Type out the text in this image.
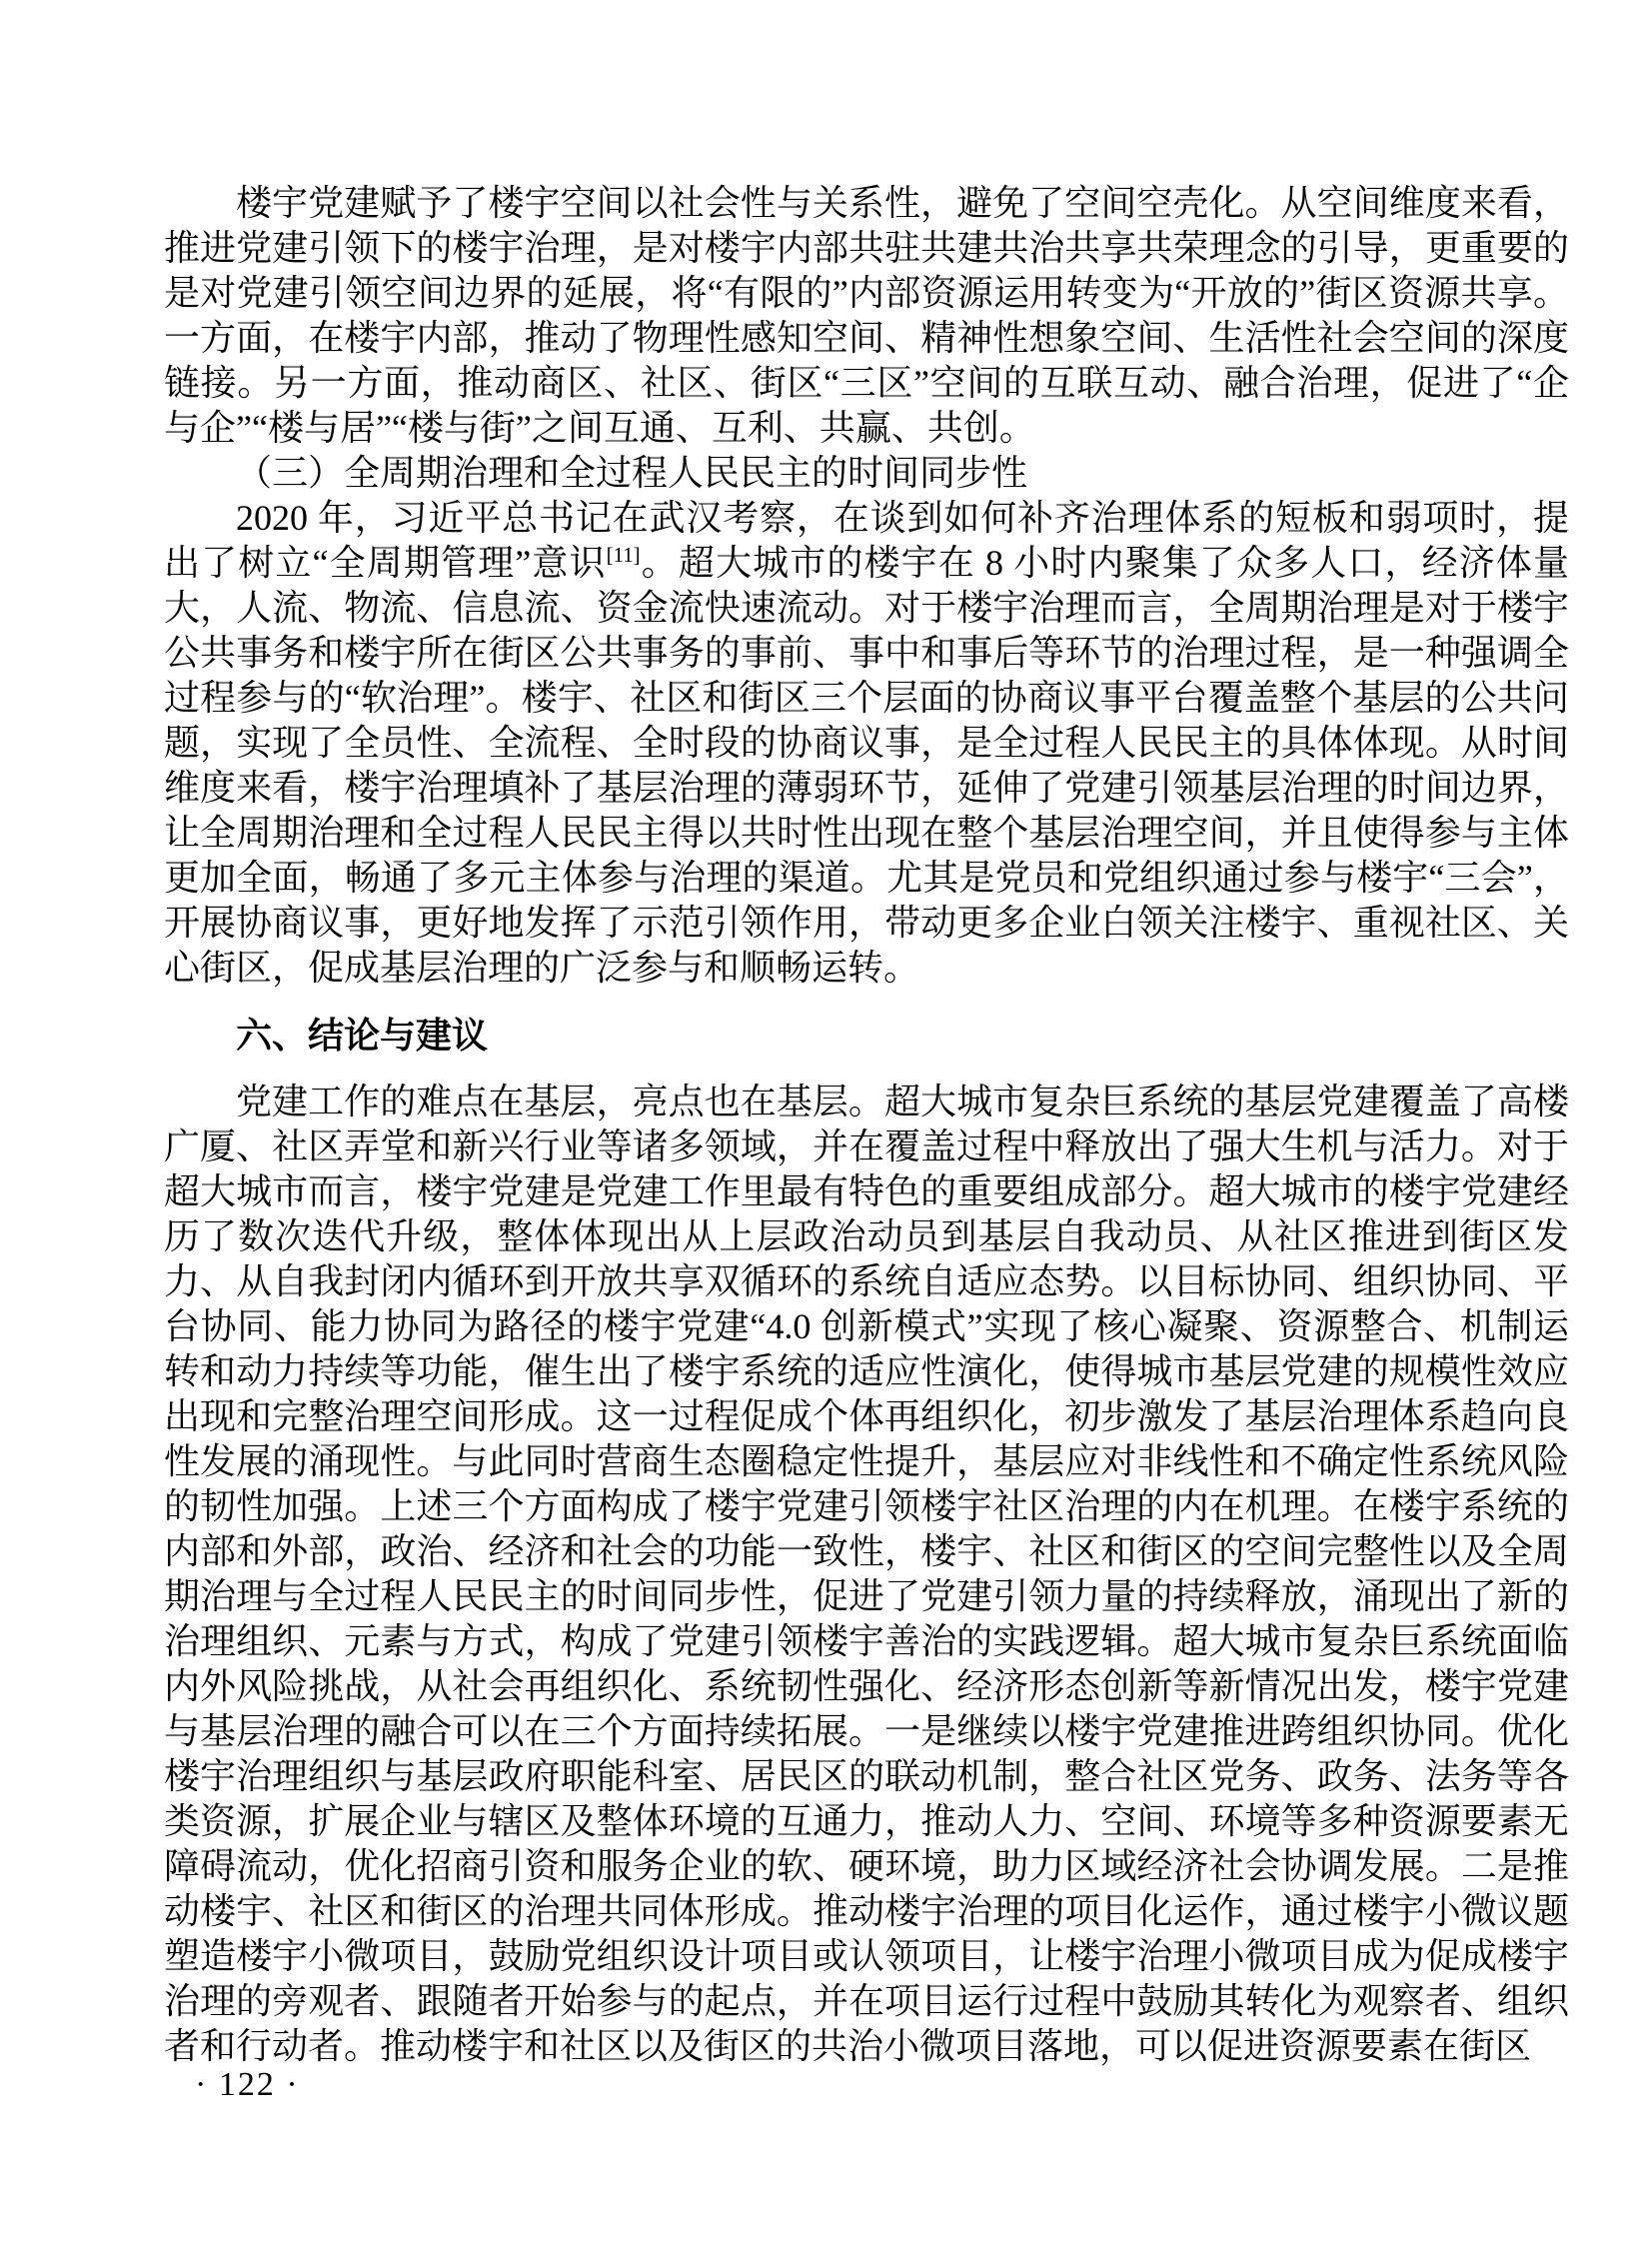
楼宇党建赋予了楼宇空间以社会性与关系性，避免了空间空壳化。从空间维度来看，推进党建引领下的楼宇治理，是对楼宇内部共驻共建共治共享共荣理念的引导，更重要的是对党建引领空间边界的延展，将“有限的”内部资源运用转变为“开放的”街区资源共享。一方面，在楼宇内部，推动了物理性感知空间、精神性想象空间、生活性社会空间的深度链接。另一方面，推动商区、社区、街区“三区”空间的互联互动、融合治理，促进了“企与企”“楼与居”“楼与街”之间互通、互利、共赢、共创。

（三）全周期治理和全过程人民民主的时间同步性

2020 年，习近平总书记在武汉考察，在谈到如何补齐治理体系的短板和弱项时，提出了树立“全周期管理”意识[11]。超大城市的楼宇在 8 小时内聚集了众多人口，经济体量大，人流、物流、信息流、资金流快速流动。对于楼宇治理而言，全周期治理是对于楼宇公共事务和楼宇所在街区公共事务的事前、事中和事后等环节的治理过程，是一种强调全过程参与的“软治理”。楼宇、社区和街区三个层面的协商议事平台覆盖整个基层的公共问题，实现了全员性、全流程、全时段的协商议事，是全过程人民民主的具体体现。从时间维度来看，楼宇治理填补了基层治理的薄弱环节，延伸了党建引领基层治理的时间边界，让全周期治理和全过程人民民主得以共时性出现在整个基层治理空间，并且使得参与主体更加全面，畅通了多元主体参与治理的渠道。尤其是党员和党组织通过参与楼宇“三会”，开展协商议事，更好地发挥了示范引领作用，带动更多企业白领关注楼宇、重视社区、关心街区，促成基层治理的广泛参与和顺畅运转。

六、结论与建议

党建工作的难点在基层，亮点也在基层。超大城市复杂巨系统的基层党建覆盖了高楼广厦、社区弄堂和新兴行业等诸多领域，并在覆盖过程中释放出了强大生机与活力。对于超大城市而言，楼宇党建是党建工作里最有特色的重要组成部分。超大城市的楼宇党建经历了数次迭代升级，整体体现出从上层政治动员到基层自我动员、从社区推进到街区发力、从自我封闭内循环到开放共享双循环的系统自适应态势。以目标协同、组织协同、平台协同、能力协同为路径的楼宇党建“4.0 创新模式”实现了核心凝聚、资源整合、机制运转和动力持续等功能，催生出了楼宇系统的适应性演化，使得城市基层党建的规模性效应出现和完整治理空间形成。这一过程促成个体再组织化，初步激发了基层治理体系趋向良性发展的涌现性。与此同时营商生态圈稳定性提升，基层应对非线性和不确定性系统风险的韧性加强。上述三个方面构成了楼宇党建引领楼宇社区治理的内在机理。在楼宇系统的内部和外部，政治、经济和社会的功能一致性，楼宇、社区和街区的空间完整性以及全周期治理与全过程人民民主的时间同步性，促进了党建引领力量的持续释放，涌现出了新的治理组织、元素与方式，构成了党建引领楼宇善治的实践逻辑。超大城市复杂巨系统面临内外风险挑战，从社会再组织化、系统韧性强化、经济形态创新等新情况出发，楼宇党建与基层治理的融合可以在三个方面持续拓展。一是继续以楼宇党建推进跨组织协同。优化楼宇治理组织与基层政府职能科室、居民区的联动机制，整合社区党务、政务、法务等各类资源，扩展企业与辖区及整体环境的互通力，推动人力、空间、环境等多种资源要素无障碍流动，优化招商引资和服务企业的软、硬环境，助力区域经济社会协调发展。二是推动楼宇、社区和街区的治理共同体形成。推动楼宇治理的项目化运作，通过楼宇小微议题塑造楼宇小微项目，鼓励党组织设计项目或认领项目，让楼宇治理小微项目成为促成楼宇治理的旁观者、跟随者开始参与的起点，并在项目运行过程中鼓励其转化为观察者、组织者和行动者。推动楼宇和社区以及街区的共治小微项目落地，可以促进资源要素在街区

· 122 ·
